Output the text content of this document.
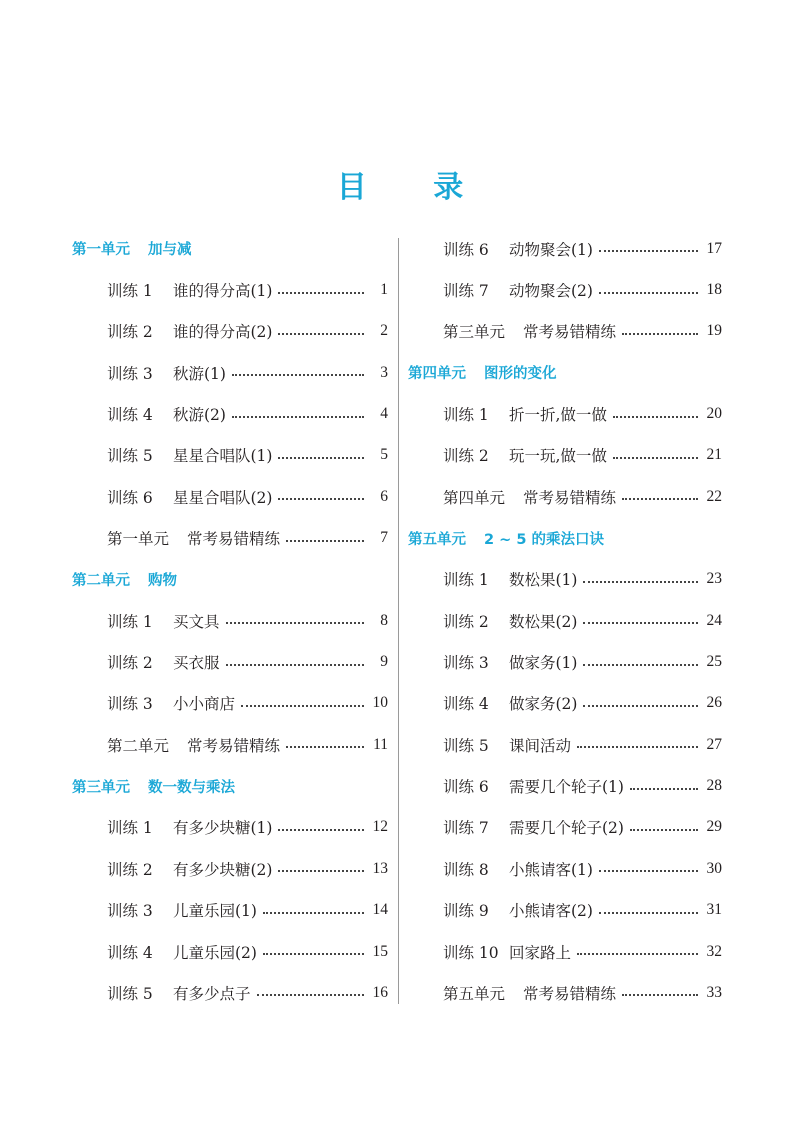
目 录
第一单元 加与减
训练 1	谁的得分高(1)	1
训练 2	谁的得分高(2)	2
训练 3	秋游(1)	3
训练 4	秋游(2)	4
训练 5	星星合唱队(1)	5
训练 6	星星合唱队(2)	6
第一单元 常考易错精练	7
第二单元 购物
训练 1	买文具	8
训练 2	买衣服	9
训练 3	小小商店	10
第二单元 常考易错精练	11
第三单元 数一数与乘法
训练 1	有多少块糖(1)	12
训练 2	有多少块糖(2)	13
训练 3	儿童乐园(1)	14
训练 4	儿童乐园(2)	15
训练 5	有多少点子	16
训练 6	动物聚会(1)	17
训练 7	动物聚会(2)	18
第三单元 常考易错精练	19
第四单元 图形的变化
训练 1	折一折,做一做	20
训练 2	玩一玩,做一做	21
第四单元 常考易错精练	22
第五单元 2 ~ 5 的乘法口诀
训练 1	数松果(1)	23
训练 2	数松果(2)	24
训练 3	做家务(1)	25
训练 4	做家务(2)	26
训练 5	课间活动	27
训练 6	需要几个轮子(1)	28
训练 7	需要几个轮子(2)	29
训练 8	小熊请客(1)	30
训练 9	小熊请客(2)	31
训练 10 回家路上	32
第五单元 常考易错精练	33
